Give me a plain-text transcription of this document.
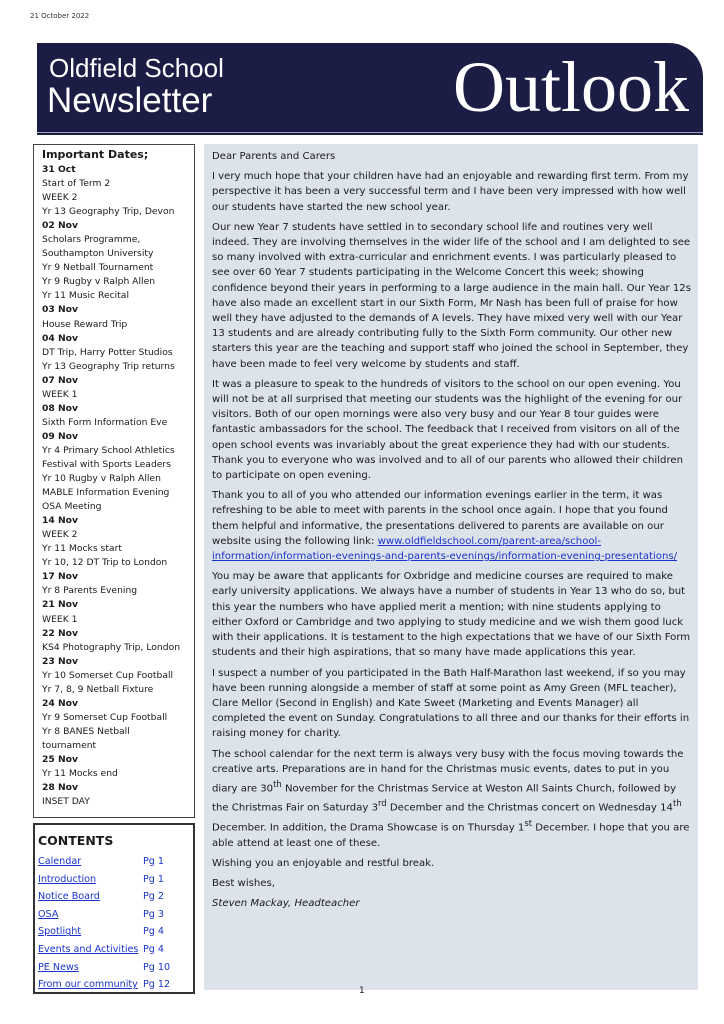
21 October 2022
Oldfield School
Newsletter	Outlook
Important Dates;
31 Oct
Start of Term 2
WEEK 2
Yr 13 Geography Trip, Devon
02 Nov
Scholars Programme,
Southampton University
Yr 9 Netball Tournament
Yr 9 Rugby v Ralph Allen
Yr 11 Music Recital
03 Nov
House Reward Trip
04 Nov
DT Trip, Harry Potter Studios
Yr 13 Geography Trip returns
07 Nov
WEEK 1
08 Nov
Sixth Form Information Eve
09 Nov
Yr 4 Primary School Athletics
Festival with Sports Leaders
Yr 10 Rugby v Ralph Allen
MABLE Information Evening
OSA Meeting
14 Nov
WEEK 2
Yr 11 Mocks start
Yr 10, 12 DT Trip to London
17 Nov
Yr 8 Parents Evening
21 Nov
WEEK 1
22 Nov
KS4 Photography Trip, London
23 Nov
Yr 10 Somerset Cup Football
Yr 7, 8, 9 Netball Fixture
24 Nov
Yr 9 Somerset Cup Football
Yr 8 BANES Netball
tournament
25 Nov
Yr 11 Mocks end
28 Nov
INSET DAY
CONTENTS
Calendar	Pg 1
Introduction	Pg 1
Notice Board	Pg 2
OSA	Pg 3
Spotlight	Pg 4
Events and Activities Pg 4
PE News	Pg 10
From our community Pg 12

Dear Parents and Carers

I very much hope that your children have had an enjoyable and rewarding first term. From my perspective it has been a very successful term and I have been very impressed with how well our students have started the new school year.

Our new Year 7 students have settled in to secondary school life and routines very well indeed. They are involving themselves in the wider life of the school and I am delighted to see so many involved with extra-curricular and enrichment events. I was particularly pleased to see over 60 Year 7 students participating in the Welcome Concert this week; showing confidence beyond their years in performing to a large audience in the main hall. Our Year 12s have also made an excellent start in our Sixth Form, Mr Nash has been full of praise for how well they have adjusted to the demands of A levels. They have mixed very well with our Year 13 students and are already contributing fully to the Sixth Form community. Our other new starters this year are the teaching and support staff who joined the school in September, they have been made to feel very welcome by students and staff.

It was a pleasure to speak to the hundreds of visitors to the school on our open evening. You will not be at all surprised that meeting our students was the highlight of the evening for our visitors. Both of our open mornings were also very busy and our Year 8 tour guides were fantastic ambassadors for the school. The feedback that I received from visitors on all of the open school events was invariably about the great experience they had with our students. Thank you to everyone who was involved and to all of our parents who allowed their children to participate on open evening.

Thank you to all of you who attended our information evenings earlier in the term, it was refreshing to be able to meet with parents in the school once again. I hope that you found them helpful and informative, the presentations delivered to parents are available on our website using the following link: www.oldfieldschool.com/parent-area/school-information/information-evenings-and-parents-evenings/information-evening-presentations/

You may be aware that applicants for Oxbridge and medicine courses are required to make early university applications. We always have a number of students in Year 13 who do so, but this year the numbers who have applied merit a mention; with nine students applying to either Oxford or Cambridge and two applying to study medicine and we wish them good luck with their applications. It is testament to the high expectations that we have of our Sixth Form students and their high aspirations, that so many have made applications this year.

I suspect a number of you participated in the Bath Half-Marathon last weekend, if so you may have been running alongside a member of staff at some point as Amy Green (MFL teacher), Clare Mellor (Second in English) and Kate Sweet (Marketing and Events Manager) all completed the event on Sunday. Congratulations to all three and our thanks for their efforts in raising money for charity.

The school calendar for the next term is always very busy with the focus moving towards the creative arts. Preparations are in hand for the Christmas music events, dates to put in you diary are 30th November for the Christmas Service at Weston All Saints Church, followed by the Christmas Fair on Saturday 3rd December and the Christmas concert on Wednesday 14th December. In addition, the Drama Showcase is on Thursday 1st December. I hope that you are able attend at least one of these.

Wishing you an enjoyable and restful break.

Best wishes,

Steven Mackay, Headteacher

1
